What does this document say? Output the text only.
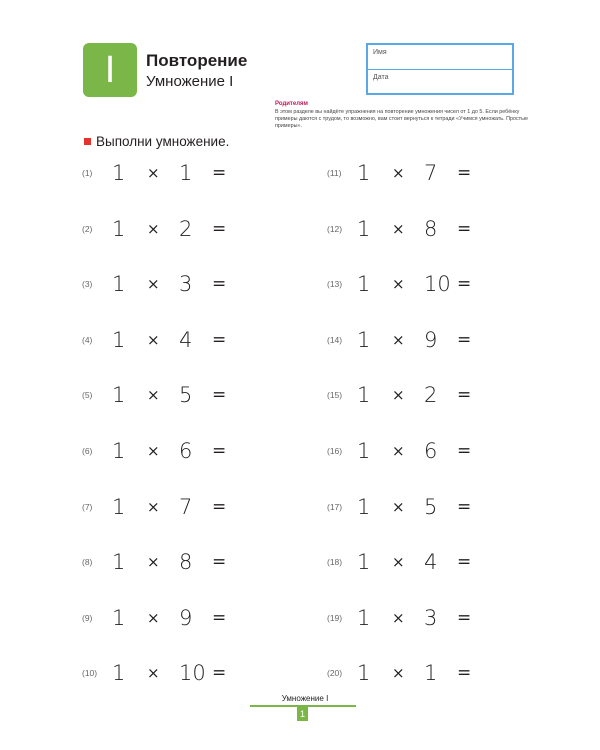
I	Повторение
Умножение I
Имя
Дата
Родителям
В этом разделе вы найдёте упражнения на повторение умножения чисел от 1 до 5. Если ребёнку примеры даются с трудом, то возможно, вам стоит вернуться к тетради «Учимся умножать. Простые примеры».
Выполни умножение.
(1) 1 × 1 =
(2) 1 × 2 =
(3) 1 × 3 =
(4) 1 × 4 =
(5) 1 × 5 =
(6) 1 × 6 =
(7) 1 × 7 =
(8) 1 × 8 =
(9) 1 × 9 =
(10) 1 × 10 =
(11) 1 × 7 =
(12) 1 × 8 =
(13) 1 × 10 =
(14) 1 × 9 =
(15) 1 × 2 =
(16) 1 × 6 =
(17) 1 × 5 =
(18) 1 × 4 =
(19) 1 × 3 =
(20) 1 × 1 =
Умножение I
1
